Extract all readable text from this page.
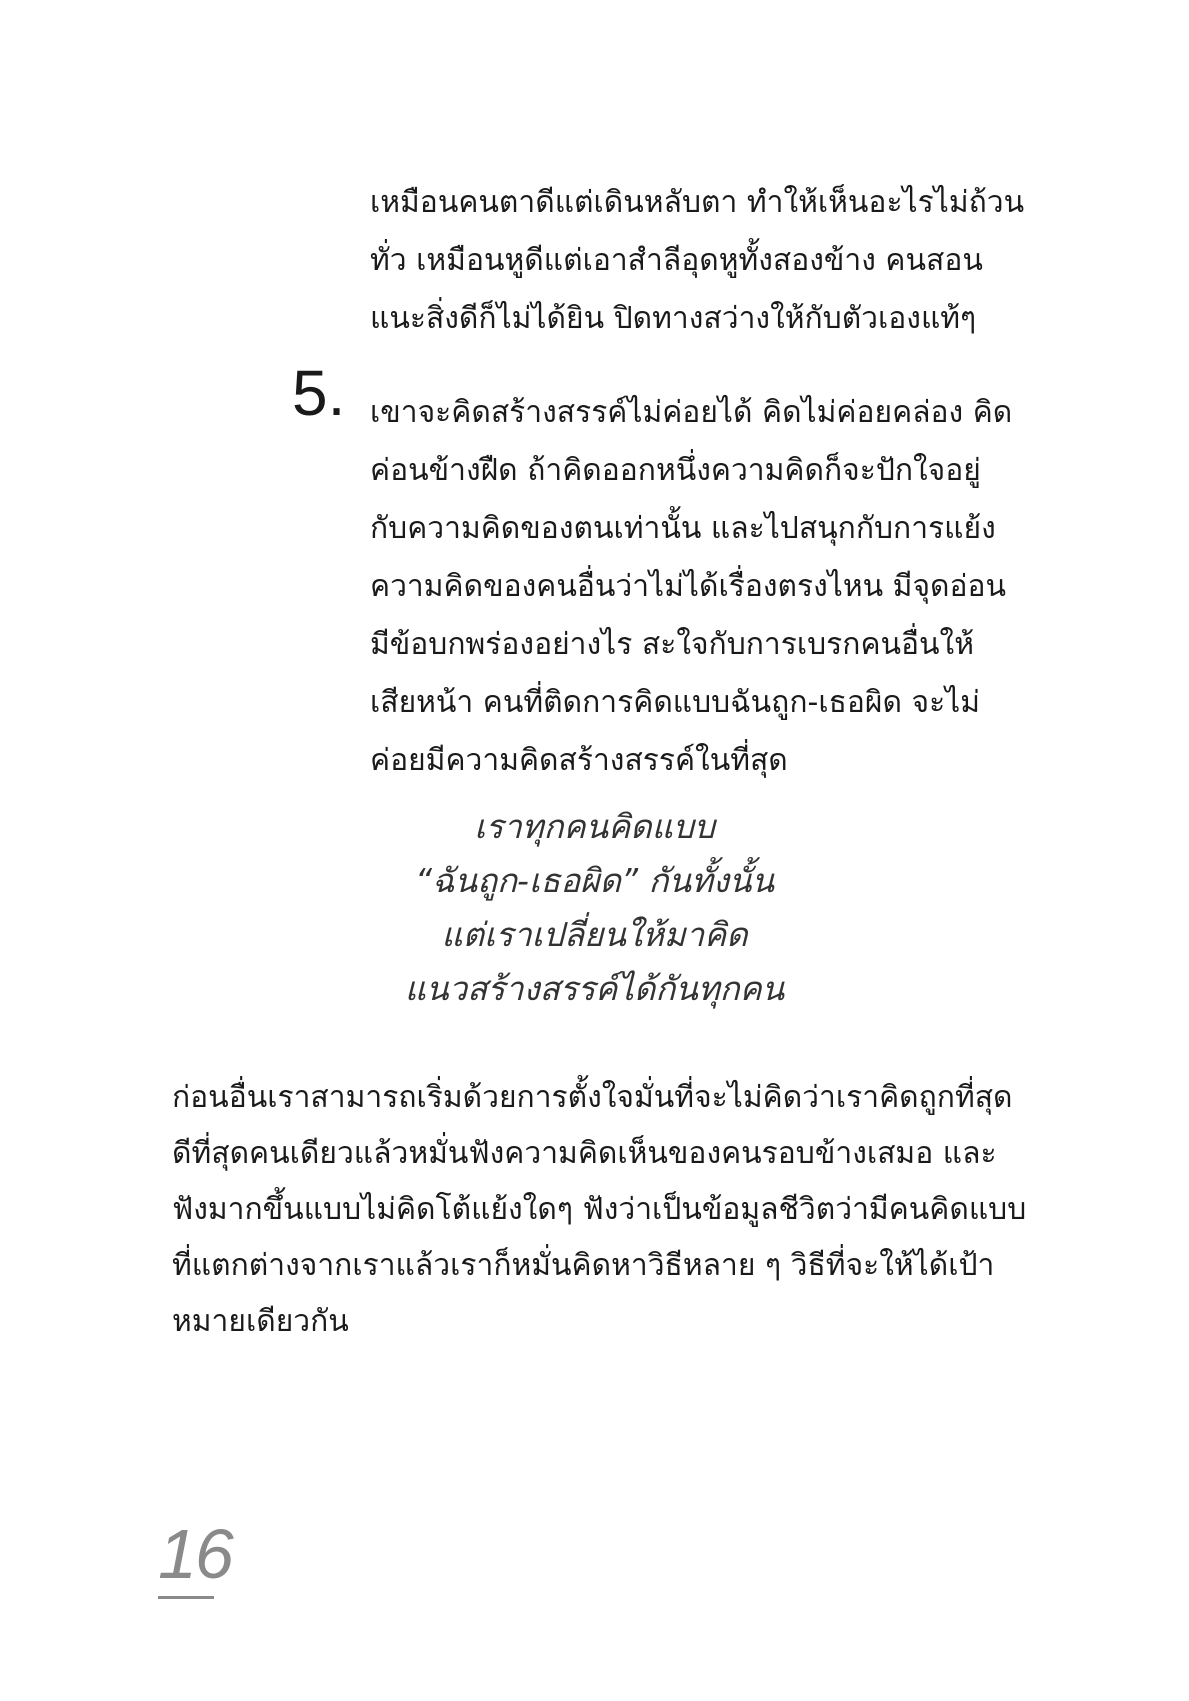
เหมือนคนตาดีแต่เดินหลับตา ทำให้เห็นอะไรไม่ถ้วน
ทั่ว เหมือนหูดีแต่เอาสำลีอุดหูทั้งสองข้าง คนสอน
แนะสิ่งดีก็ไม่ได้ยิน ปิดทางสว่างให้กับตัวเองแท้ๆ

5. เขาจะคิดสร้างสรรค์ไม่ค่อยได้ คิดไม่ค่อยคล่อง คิด
ค่อนข้างฝืด ถ้าคิดออกหนึ่งความคิดก็จะปักใจอยู่
กับความคิดของตนเท่านั้น และไปสนุกกับการแย้ง
ความคิดของคนอื่นว่าไม่ได้เรื่องตรงไหน มีจุดอ่อน
มีข้อบกพร่องอย่างไร สะใจกับการเบรกคนอื่นให้
เสียหน้า คนที่ติดการคิดแบบฉันถูก-เธอผิด จะไม่
ค่อยมีความคิดสร้างสรรค์ในที่สุด
เราทุกคนคิดแบบ
“ฉันถูก-เธอผิด” กันทั้งนั้น
แต่เราเปลี่ยนให้มาคิด
แนวสร้างสรรค์ได้กันทุกคน
ก่อนอื่นเราสามารถเริ่มด้วยการตั้งใจมั่นที่จะไม่คิดว่าเราคิดถูกที่สุด
ดีที่สุดคนเดียวแล้วหมั่นฟังความคิดเห็นของคนรอบข้างเสมอ และ
ฟังมากขึ้นแบบไม่คิดโต้แย้งใดๆ ฟังว่าเป็นข้อมูลชีวิตว่ามีคนคิดแบบ
ที่แตกต่างจากเราแล้วเราก็หมั่นคิดหาวิธีหลาย ๆ วิธีที่จะให้ได้เป้า
หมายเดียวกัน

16
